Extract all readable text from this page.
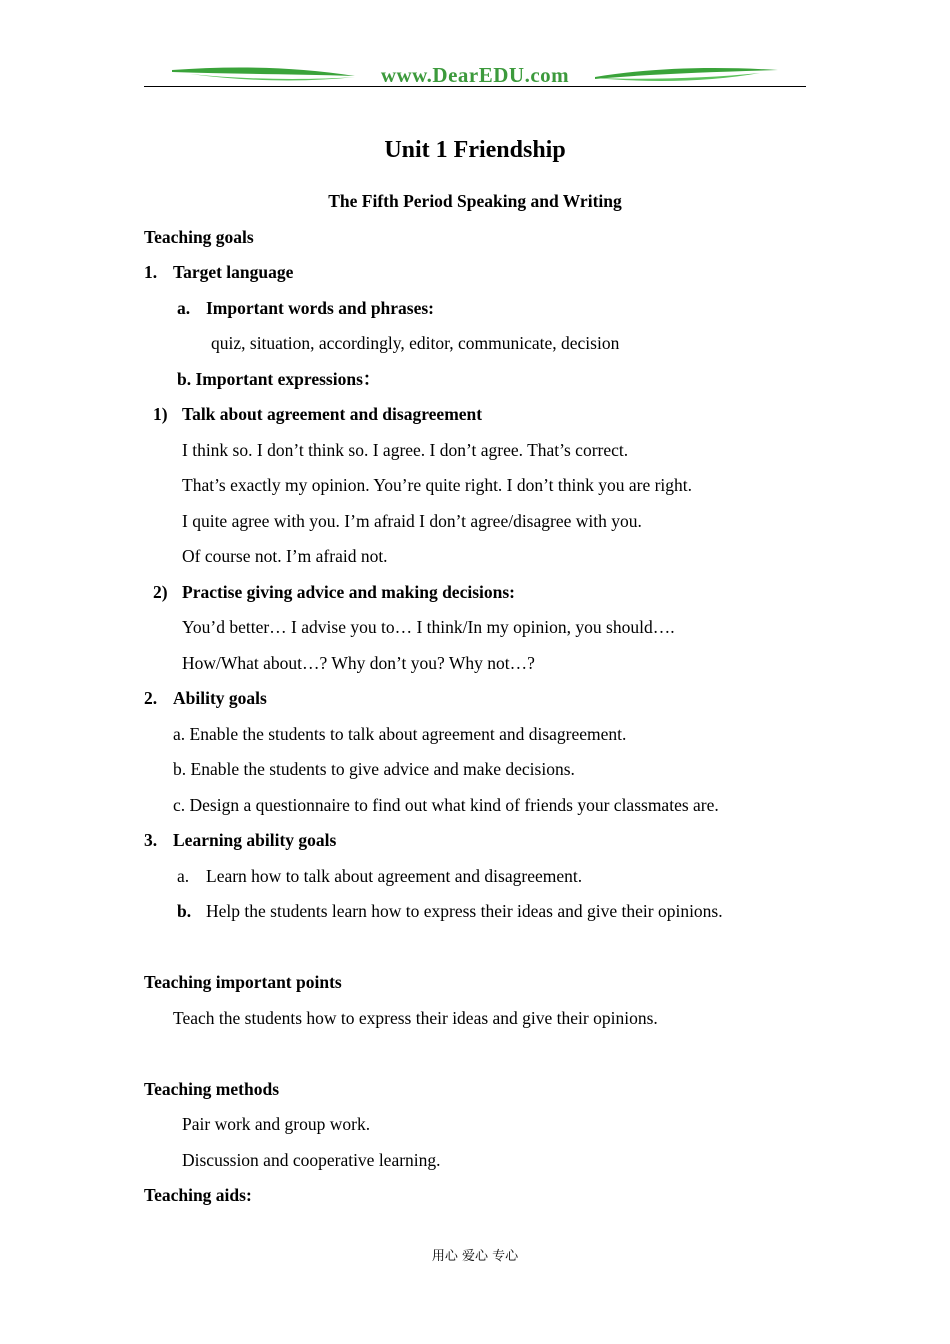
www.DearEDU.com
Unit 1 Friendship
The Fifth Period Speaking and Writing
Teaching goals
1. Target language
a. Important words and phrases:
quiz, situation, accordingly, editor, communicate, decision
b. Important expressions：
1) Talk about agreement and disagreement
I think so. I don’t think so. I agree. I don’t agree. That’s correct.
That’s exactly my opinion. You’re quite right. I don’t think you are right.
I quite agree with you. I’m afraid I don’t agree/disagree with you.
Of course not. I’m afraid not.
2) Practise giving advice and making decisions:
You’d better… I advise you to… I think/In my opinion, you should….
How/What about…? Why don’t you? Why not…?
2. Ability goals
a. Enable the students to talk about agreement and disagreement.
b. Enable the students to give advice and make decisions.
c. Design a questionnaire to find out what kind of friends your classmates are.
3. Learning ability goals
a. Learn how to talk about agreement and disagreement.
b. Help the students learn how to express their ideas and give their opinions.
Teaching important points
Teach the students how to express their ideas and give their opinions.
Teaching methods
Pair work and group work.
Discussion and cooperative learning.
Teaching aids:
用心 爱心 专心
